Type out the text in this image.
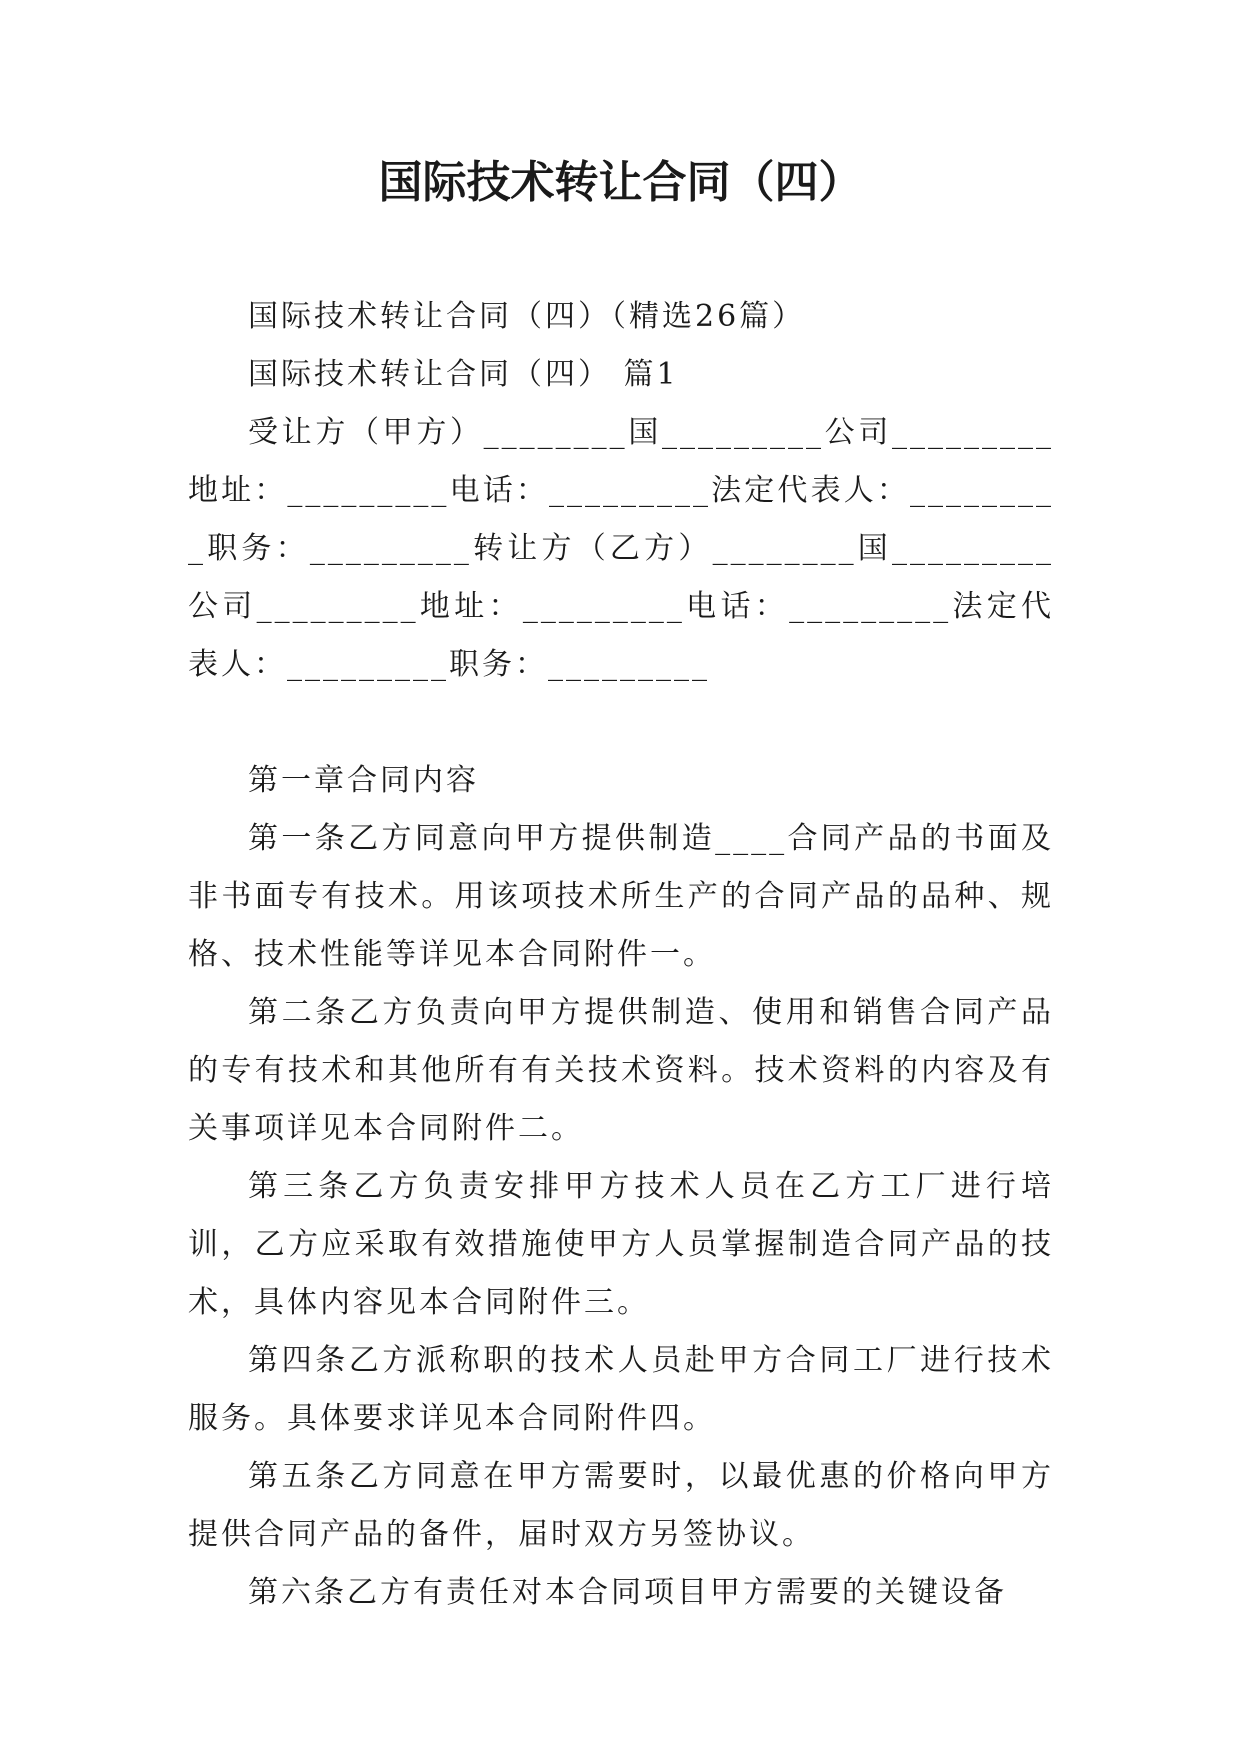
国际技术转让合同（四）

国际技术转让合同（四）（精选26篇）

国际技术转让合同（四） 篇1

受让方（甲方）________国_________公司_________地址：_________电话：_________法定代表人：_________职务：_________转让方（乙方）________国_________公司_________地址：_________电话：_________法定代表人：_________职务：_________

第一章合同内容

第一条乙方同意向甲方提供制造____合同产品的书面及非书面专有技术。用该项技术所生产的合同产品的品种、规格、技术性能等详见本合同附件一。

第二条乙方负责向甲方提供制造、使用和销售合同产品的专有技术和其他所有有关技术资料。技术资料的内容及有关事项详见本合同附件二。

第三条乙方负责安排甲方技术人员在乙方工厂进行培训，乙方应采取有效措施使甲方人员掌握制造合同产品的技术，具体内容见本合同附件三。

第四条乙方派称职的技术人员赴甲方合同工厂进行技术服务。具体要求详见本合同附件四。

第五条乙方同意在甲方需要时，以最优惠的价格向甲方提供合同产品的备件，届时双方另签协议。

第六条乙方有责任对本合同项目甲方需要的关键设备
